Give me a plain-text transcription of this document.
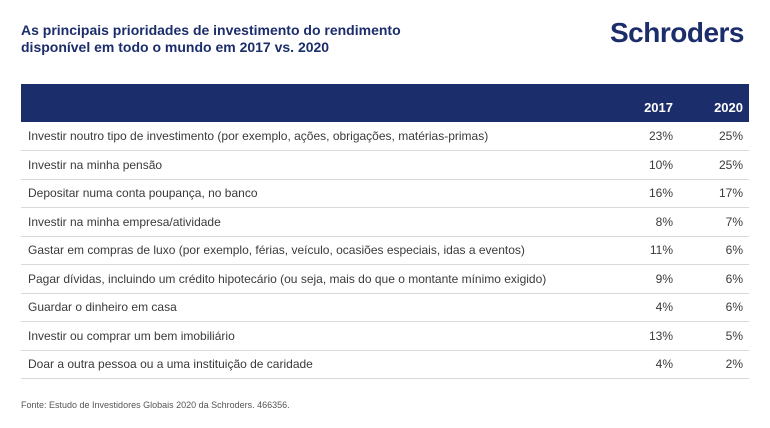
As principais prioridades de investimento do rendimento
disponível em todo o mundo em 2017 vs. 2020	Schroders
	2017	2020
Investir noutro tipo de investimento (por exemplo, ações, obrigações, matérias-primas)	23%	25%
Investir na minha pensão	10%	25%
Depositar numa conta poupança, no banco	16%	17%
Investir na minha empresa/atividade	8%	7%
Gastar em compras de luxo (por exemplo, férias, veículo, ocasiões especiais, idas a eventos)	11%	6%
Pagar dívidas, incluindo um crédito hipotecário (ou seja, mais do que o montante mínimo exigido)	9%	6%
Guardar o dinheiro em casa	4%	6%
Investir ou comprar um bem imobiliário	13%	5%
Doar a outra pessoa ou a uma instituição de caridade	4%	2%
Fonte: Estudo de Investidores Globais 2020 da Schroders. 466356.
